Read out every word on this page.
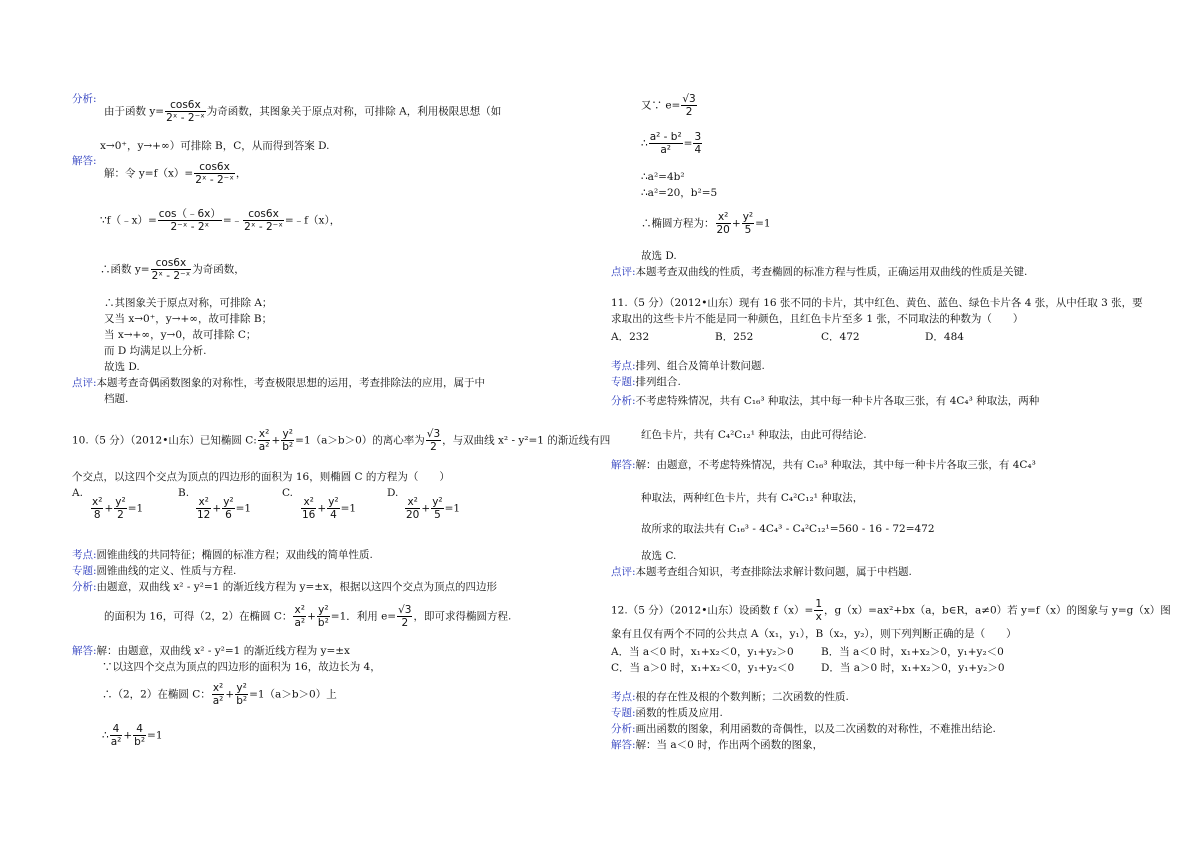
分析:
由于函数 $y= \frac{\cos 6x}{\text{2ˣ - 2⁻ˣ}}$ 为奇函数，其图象关于原点对称，可排除 A，利用极限思想（如
x→0⁺，y→+∞）可排除 B，C，从而得到答案 D.
解答:
解：令 $y=f(x)= \frac{\cos 6x}{\text{2ˣ - 2⁻ˣ}}$ ，
∵f（﹣x）= $\frac{\cos(﹣6x)}{\text{2⁻ˣ - 2ˣ}}$ =﹣ $\frac{\cos 6x}{\text{2ˣ - 2⁻ˣ}}$ =﹣f（x），
∴函数 $y= \frac{\cos 6x}{\text{2ˣ - 2⁻ˣ}}$ 为奇函数，
∴其图象关于原点对称，可排除 A；
又当 x→0⁺，y→+∞，故可排除 B；
当 x→+∞，y→0，故可排除 C；
而 D 均满足以上分析.
故选 D.
点评:本题考查奇偶函数图象的对称性，考查极限思想的运用，考查排除法的应用，属于中
档题.
10.（5 分）（2012•山东）已知椭圆 C: $\frac{\text{x²}}{\text{a²}} + \frac{\text{y²}}{\text{b²}} =1(a>b>0)$的离心率为 $\frac{√3}{2}$ ，与双曲线 x² - y²=1 的渐近线有四
个交点，以这四个交点为顶点的四边形的面积为 16，则椭圆 C 的方程为（　　）
A.	B.	C.	D.
$\frac{\text{x²}}{8} + \frac{\text{y²}}{2} =1$	$\frac{\text{x²}}{12} + \frac{\text{y²}}{6} =1$	$\frac{\text{x²}}{16} + \frac{\text{y²}}{4} =1$	$\frac{\text{x²}}{20} + \frac{\text{y²}}{5} =1$
考点:圆锥曲线的共同特征；椭圆的标准方程；双曲线的简单性质.
专题:圆锥曲线的定义、性质与方程.
分析:由题意，双曲线 x² - y²=1 的渐近线方程为 y=±x，根据以这四个交点为顶点的四边形
的面积为 16，可得（2，2）在椭圆 C： $\frac{\text{x²}}{\text{a²}} + \frac{\text{y²}}{\text{b²}} =1$．利用 $e= \frac{√3}{2}$ ，即可求得椭圆方程.
解答:解：由题意，双曲线 x² - y²=1 的渐近线方程为 y=±x
∵以这四个交点为顶点的四边形的面积为 16，故边长为 4，
∴（2，2）在椭圆 C： $\frac{\text{x²}}{\text{a²}} + \frac{\text{y²}}{\text{b²}} =1(a>b>0)$上
∴ $\frac{4}{\text{a²}} + \frac{4}{\text{b²}} =1$
又∵ $e= \frac{√3}{2}$
∴ $\frac{\text{a² - b²}}{\text{a²}} = \frac{3}{4}$
∴a²=4b²
∴a²=20，b²=5
∴椭圆方程为： $\frac{\text{x²}}{20} + \frac{\text{y²}}{5} =1$
故选 D.
点评:本题考查双曲线的性质，考查椭圆的标准方程与性质，正确运用双曲线的性质是关键.
11.（5 分）（2012•山东）现有 16 张不同的卡片，其中红色、黄色、蓝色、绿色卡片各 4 张，从中任取 3 张，要
求取出的这些卡片不能是同一种颜色，且红色卡片至多 1 张，不同取法的种数为（　　）
A．232	B．252	C．472	D．484
考点:排列、组合及简单计数问题.
专题:排列组合.
分析:不考虑特殊情况，共有 C₁₆³ 种取法，其中每一种卡片各取三张，有 4C₄³ 种取法，两种
红色卡片，共有 C₄²C₁₂¹ 种取法，由此可得结论.
解答:解：由题意，不考虑特殊情况，共有 C₁₆³ 种取法，其中每一种卡片各取三张，有 4C₄³
种取法，两种红色卡片，共有 C₄²C₁₂¹ 种取法，
故所求的取法共有 C₁₆³ - 4C₄³ - C₄²C₁₂¹=560 - 16 - 72=472
故选 C.
点评:本题考查组合知识，考查排除法求解计数问题，属于中档题.
12.（5 分）（2012•山东）设函数 $f(x)= \frac{1}{x}$ ，g（x）=ax²+bx（a，b∈R，a≠0）若 y=f（x）的图象与 y=g（x）图
象有且仅有两个不同的公共点 A（x₁，y₁），B（x₂，y₂），则下列判断正确的是（　　）
A．当 a＜0 时，x₁+x₂＜0，y₁+y₂＞0	B．当 a＜0 时，x₁+x₂＞0，y₁+y₂＜0
C．当 a＞0 时，x₁+x₂＜0，y₁+y₂＜0	D．当 a＞0 时，x₁+x₂＞0，y₁+y₂＞0
考点:根的存在性及根的个数判断；二次函数的性质.
专题:函数的性质及应用.
分析:画出函数的图象，利用函数的奇偶性，以及二次函数的对称性，不难推出结论.
解答:解：当 a＜0 时，作出两个函数的图象，
